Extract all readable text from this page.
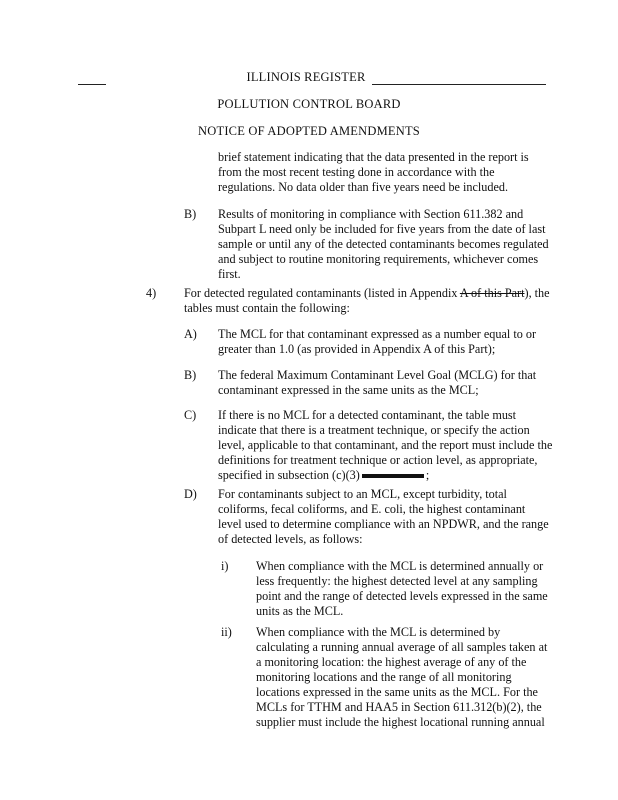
ILLINOIS REGISTER
POLLUTION CONTROL BOARD
NOTICE OF ADOPTED AMENDMENTS

brief statement indicating that the data presented in the report is

from the most recent testing done in accordance with the

regulations. No data older than five years need be included.

B) Results of monitoring in compliance with Section 611.382 and

Subpart L need only be included for five years from the date of last

sample or until any of the detected contaminants becomes regulated

and subject to routine monitoring requirements, whichever comes

first.

4) For detected regulated contaminants (listed in Appendix A of this Part), the

tables must contain the following:

A) The MCL for that contaminant expressed as a number equal to or

greater than 1.0 (as provided in Appendix A of this Part);

B) The federal Maximum Contaminant Level Goal (MCLG) for that

contaminant expressed in the same units as the MCL;

C) If there is no MCL for a detected contaminant, the table must

indicate that there is a treatment technique, or specify the action

level, applicable to that contaminant, and the report must include the

definitions for treatment technique or action level, as appropriate,

specified in subsection (c)(3)	;

D) For contaminants subject to an MCL, except turbidity, total

coliforms, fecal coliforms, and E. coli, the highest contaminant

level used to determine compliance with an NPDWR, and the range

of detected levels, as follows:

i) When compliance with the MCL is determined annually or

less frequently: the highest detected level at any sampling

point and the range of detected levels expressed in the same

units as the MCL.

ii) When compliance with the MCL is determined by

calculating a running annual average of all samples taken at

a monitoring location: the highest average of any of the

monitoring locations and the range of all monitoring

locations expressed in the same units as the MCL. For the

MCLs for TTHM and HAA5 in Section 611.312(b)(2), the

supplier must include the highest locational running annual
